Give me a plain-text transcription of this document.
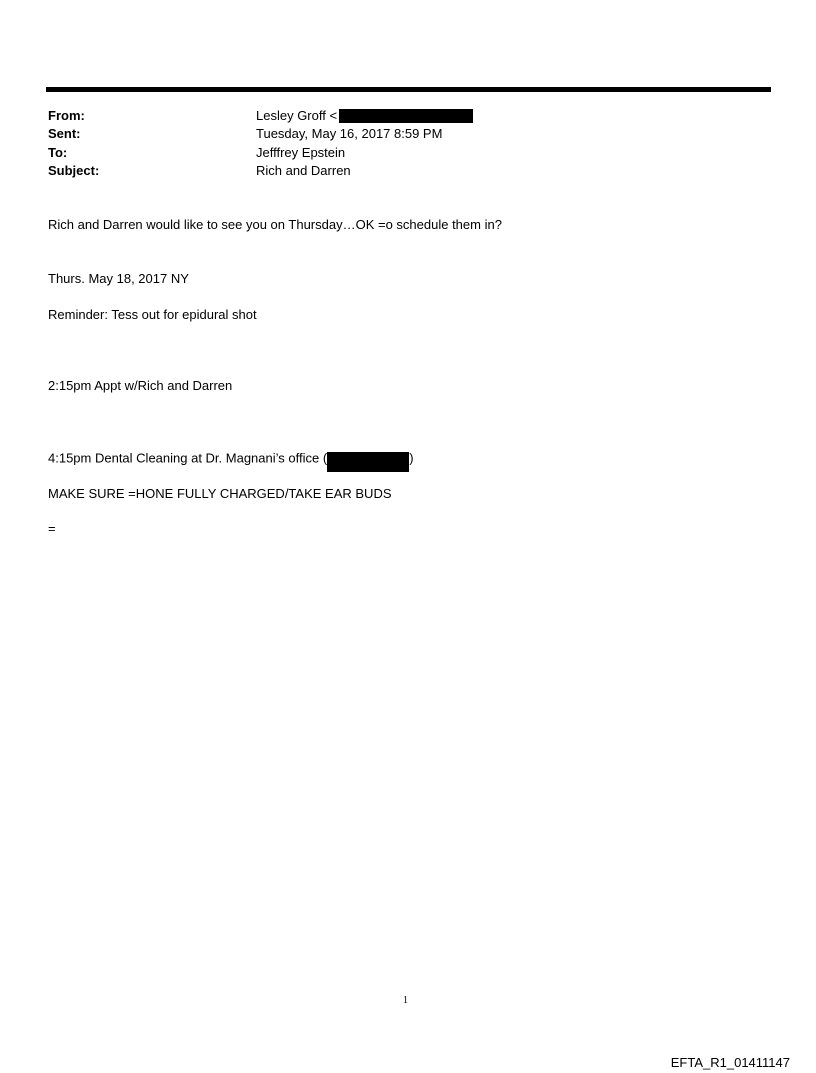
From:	Lesley Groff <
Sent:	Tuesday, May 16, 2017 8:59 PM
To:	Jefffrey Epstein
Subject:	Rich and Darren
Rich and Darren would like to see you on Thursday…OK =o schedule them in?
Thurs. May 18, 2017 NY
Reminder: Tess out for epidural shot
2:15pm Appt w/Rich and Darren
4:15pm Dental Cleaning at Dr. Magnani’s office (	)
MAKE SURE =HONE FULLY CHARGED/TAKE EAR BUDS
=
1
EFTA_R1_01411147
